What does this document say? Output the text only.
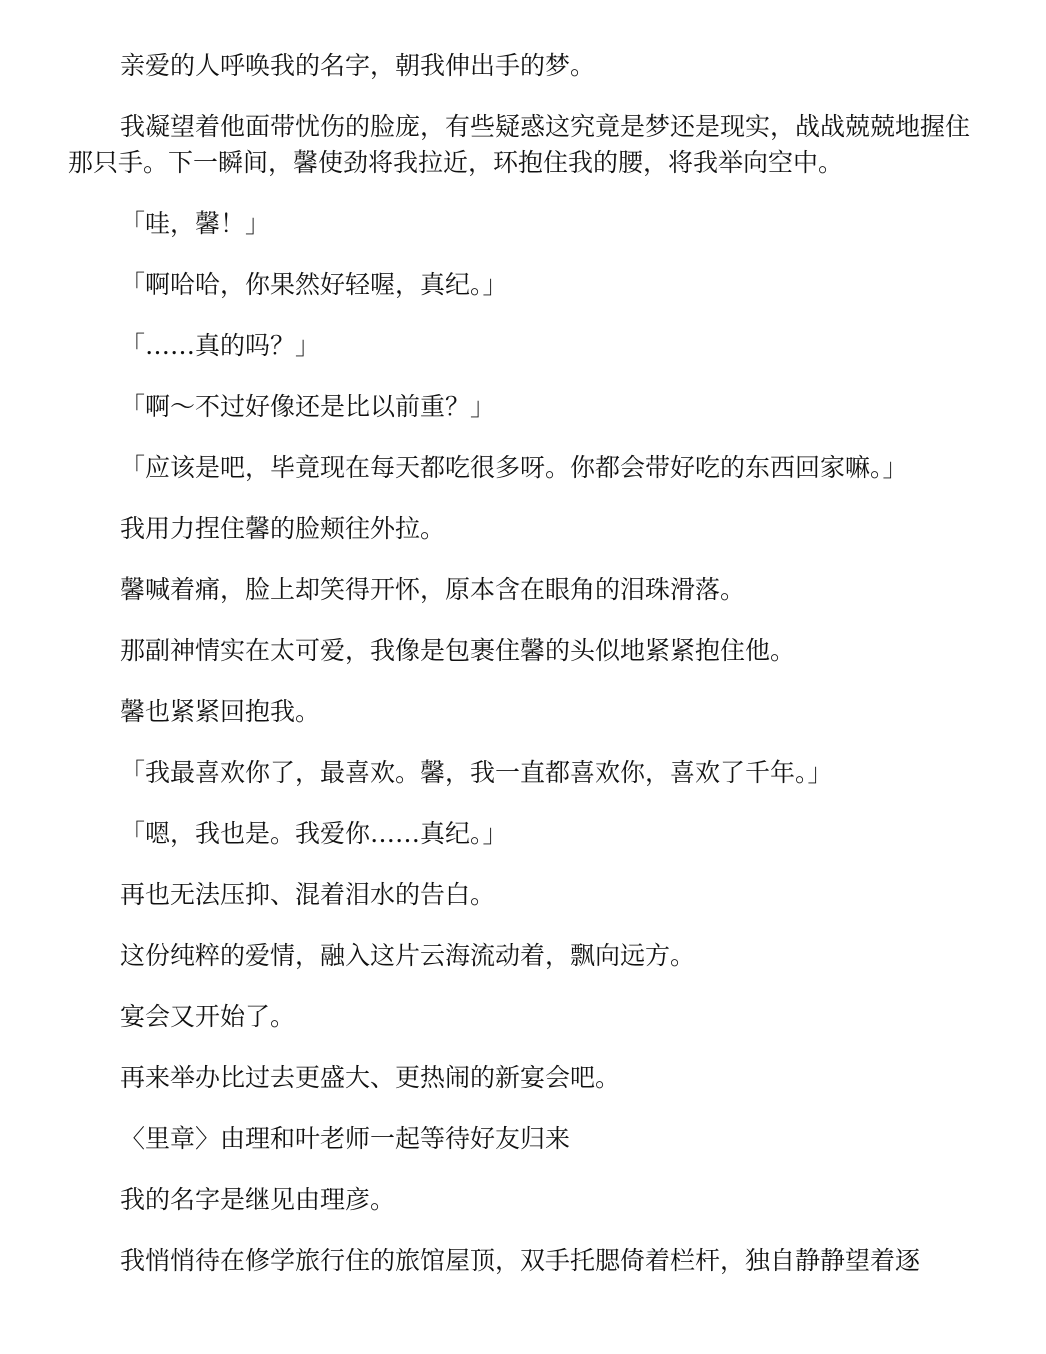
亲爱的人呼唤我的名字，朝我伸出手的梦。

我凝望着他面带忧伤的脸庞，有些疑惑这究竟是梦还是现实，战战兢兢地握住那只手。下一瞬间，馨使劲将我拉近，环抱住我的腰，将我举向空中。

「哇，馨！」

「啊哈哈，你果然好轻喔，真纪。」

「……真的吗？」

「啊～不过好像还是比以前重？」

「应该是吧，毕竟现在每天都吃很多呀。你都会带好吃的东西回家嘛。」

我用力捏住馨的脸颊往外拉。

馨喊着痛，脸上却笑得开怀，原本含在眼角的泪珠滑落。

那副神情实在太可爱，我像是包裹住馨的头似地紧紧抱住他。

馨也紧紧回抱我。

「我最喜欢你了，最喜欢。馨，我一直都喜欢你，喜欢了千年。」

「嗯，我也是。我爱你……真纪。」

再也无法压抑、混着泪水的告白。

这份纯粹的爱情，融入这片云海流动着，飘向远方。

宴会又开始了。

再来举办比过去更盛大、更热闹的新宴会吧。

〈里章〉由理和叶老师一起等待好友归来

我的名字是继见由理彦。

我悄悄待在修学旅行住的旅馆屋顶，双手托腮倚着栏杆，独自静静望着逐
